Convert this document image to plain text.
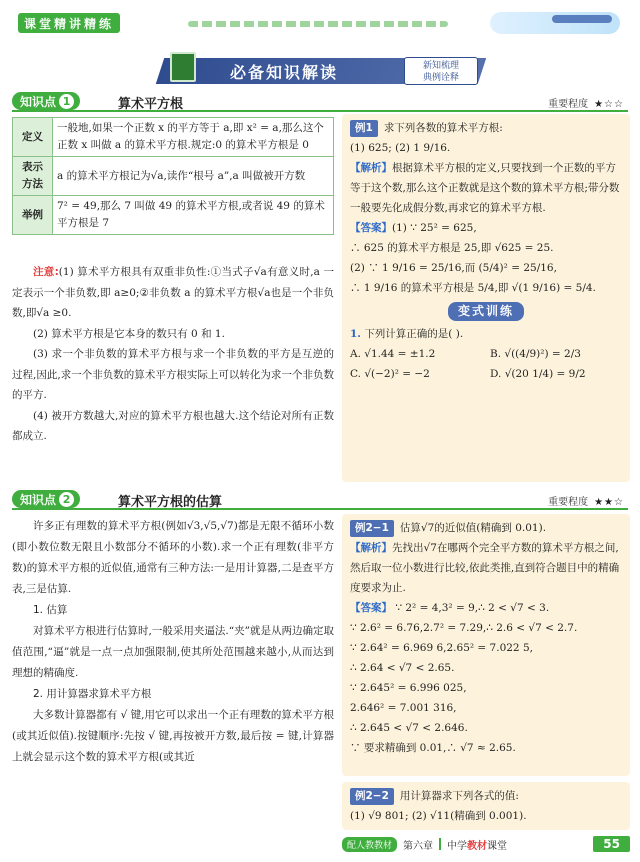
课堂精讲精练
必备知识解读	新知梳理
典例诠释
知识点 1	算术平方根	重要程度 ★☆☆
定义	一般地,如果一个正数 x 的平方等于 a,即 x² = a,那么这个正数 x 叫做 a 的算术平方根.规定:0 的算术平方根是 0
表示方法	a 的算术平方根记为√a,读作“根号 a”,a 叫做被开方数
举例	7² = 49,那么 7 叫做 49 的算术平方根,或者说 49 的算术平方根是 7

注意:(1) 算术平方根具有双重非负性:①当式子√a有意义时,a 一定表示一个非负数,即 a≥0;②非负数 a 的算术平方根√a也是一个非负数,即√a ≥0.

(2) 算术平方根是它本身的数只有 0 和 1.

(3) 求一个非负数的算术平方根与求一个非负数的平方是互逆的过程,因此,求一个非负数的算术平方根实际上可以转化为求一个非负数的平方.

(4) 被开方数越大,对应的算术平方根也越大.这个结论对所有正数都成立.

例1 求下列各数的算术平方根:
(1) 625; (2) 1 9/16.
【解析】根据算术平方根的定义,只要找到一个正数的平方等于这个数,那么这个正数就是这个数的算术平方根;带分数一般要先化成假分数,再求它的算术平方根.
【答案】(1) ∵ 25² = 625,
∴ 625 的算术平方根是 25,即 √625 = 25.
(2) ∵ 1 9/16 = 25/16,而 (5/4)² = 25/16,
∴ 1 9/16 的算术平方根是 5/4,即 √(1 9/16) = 5/4.
变式训练
1. 下列计算正确的是( ).
A. √1.44 = ±1.2	B. √((4/9)²) = 2/3
C. √(−2)² = −2	D. √(20 1/4) = 9/2
知识点 2	算术平方根的估算	重要程度 ★★☆

许多正有理数的算术平方根(例如√3,√5,√7)都是无限不循环小数(即小数位数无限且小数部分不循环的小数).求一个正有理数(非平方数)的算术平方根的近似值,通常有三种方法:一是用计算器,二是查平方表,三是估算.

1. 估算

对算术平方根进行估算时,一般采用夹逼法.“夹”就是从两边确定取值范围,“逼”就是一点一点加强限制,使其所处范围越来越小,从而达到理想的精确度.

2. 用计算器求算术平方根

大多数计算器都有 √ 键,用它可以求出一个正有理数的算术平方根(或其近似值).按键顺序:先按 √ 键,再按被开方数,最后按 = 键,计算器上就会显示这个数的算术平方根(或其近

例2−1 估算√7的近似值(精确到 0.01).
【解析】先找出√7在哪两个完全平方数的算术平方根之间,然后取一位小数进行比较,依此类推,直到符合题目中的精确度要求为止.
【答案】 ∵ 2² = 4,3² = 9,∴ 2 < √7 < 3.
∵ 2.6² = 6.76,2.7² = 7.29,∴ 2.6 < √7 < 2.7.
∵ 2.64² = 6.969 6,2.65² = 7.022 5,
∴ 2.64 < √7 < 2.65.
∵ 2.645² = 6.996 025,
2.646² = 7.001 316,
∴ 2.645 < √7 < 2.646.
∵ 要求精确到 0.01,∴ √7 ≈ 2.65.
例2−2 用计算器求下列各式的值:
(1) √9 801; (2) √11(精确到 0.001).
配人教教材	第六章 中学教材课堂	55
